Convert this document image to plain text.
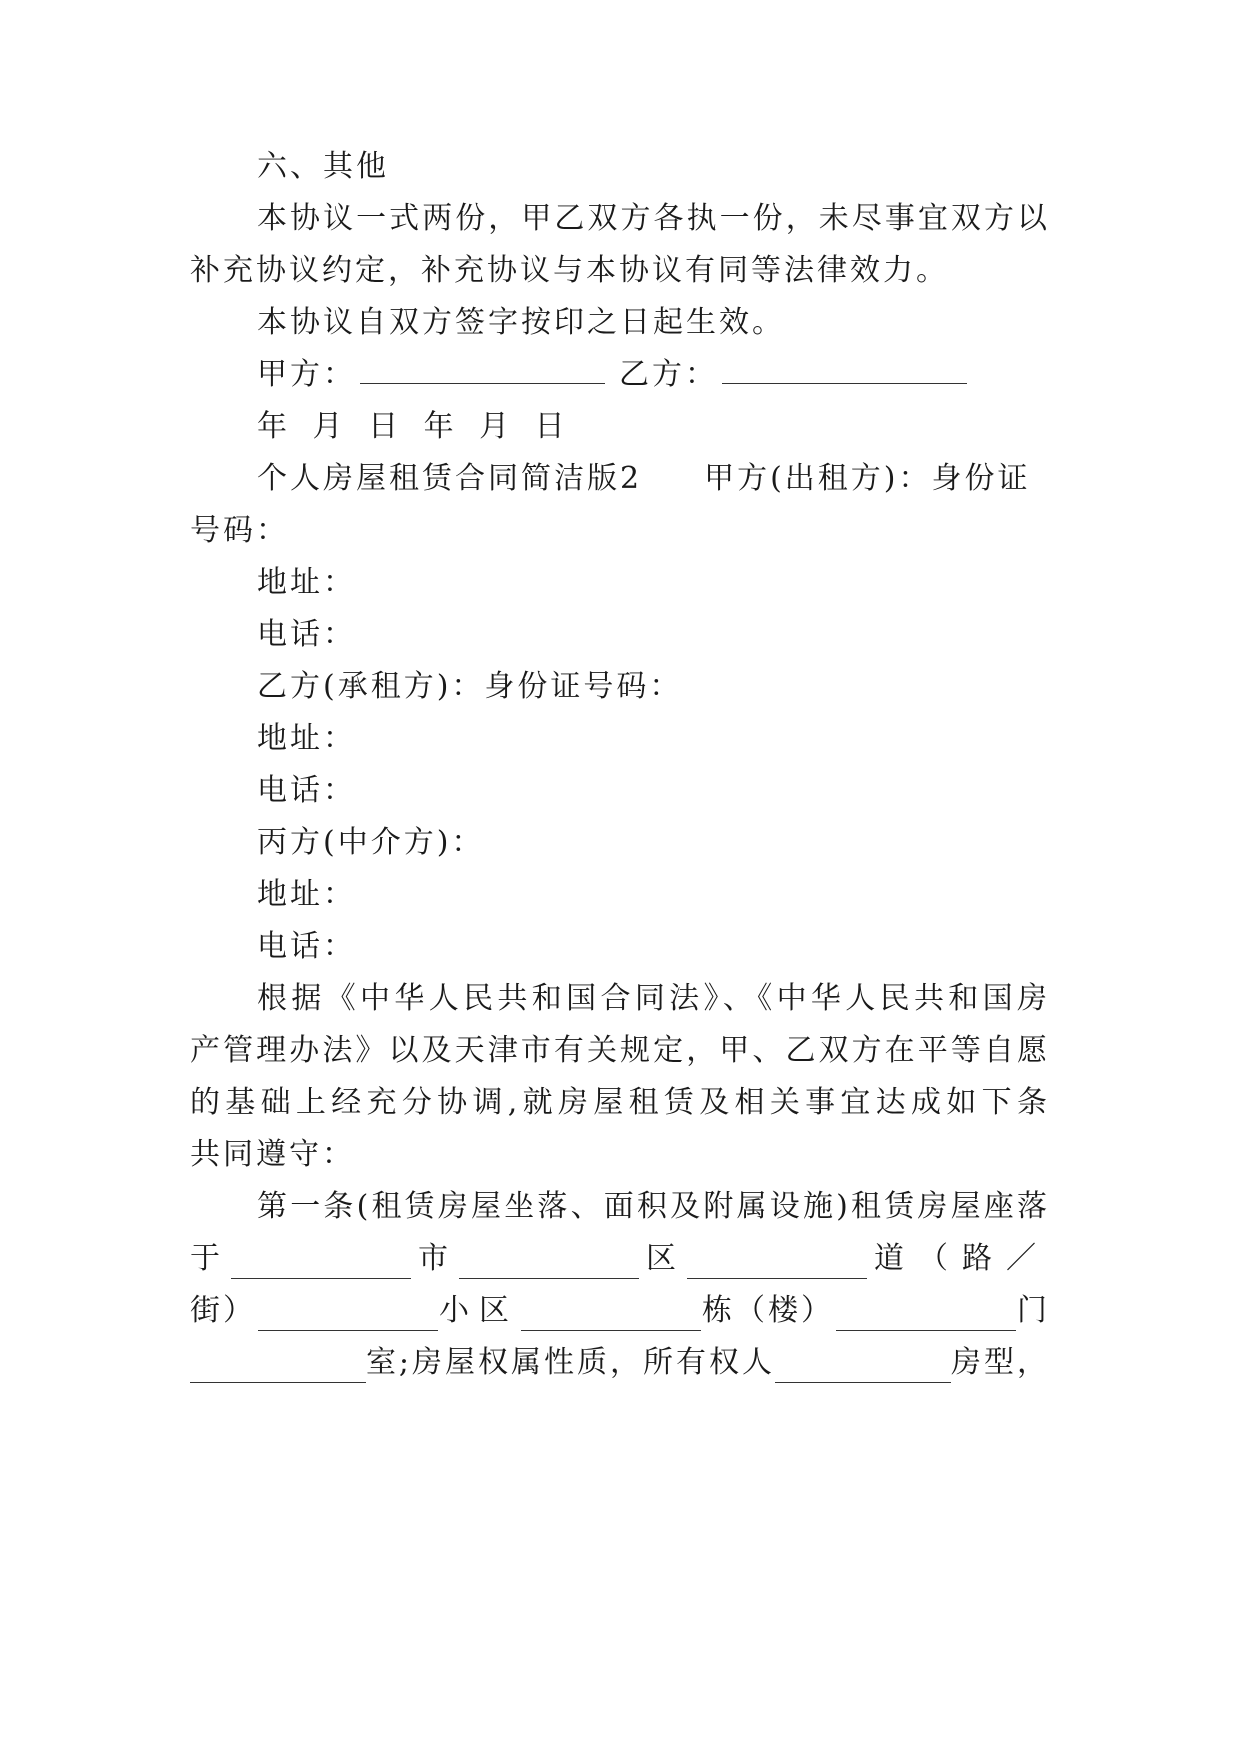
六、其他
本协议一式两份，甲乙双方各执一份，未尽事宜双方以
补充协议约定，补充协议与本协议有同等法律效力。
本协议自双方签字按印之日起生效。
甲方：	乙方：
年 月 日 年 月 日
个人房屋租赁合同简洁版2 甲方(出租方)：身份证
号码：
地址：
电话：
乙方(承租方)：身份证号码：
地址：
电话：
丙方(中介方)：
地址：
电话：
根据《中华人民共和国合同法》、《中华人民共和国房
产管理办法》以及天津市有关规定，甲、乙双方在平等自愿
的基础上经充分协调,就房屋租赁及相关事宜达成如下条
共同遵守：
第一条(租赁房屋坐落、面积及附属设施)租赁房屋座落
于	市	区	道（路／
街）	小区	栋（楼）	门
室;房屋权属性质，所有权人	房型，
